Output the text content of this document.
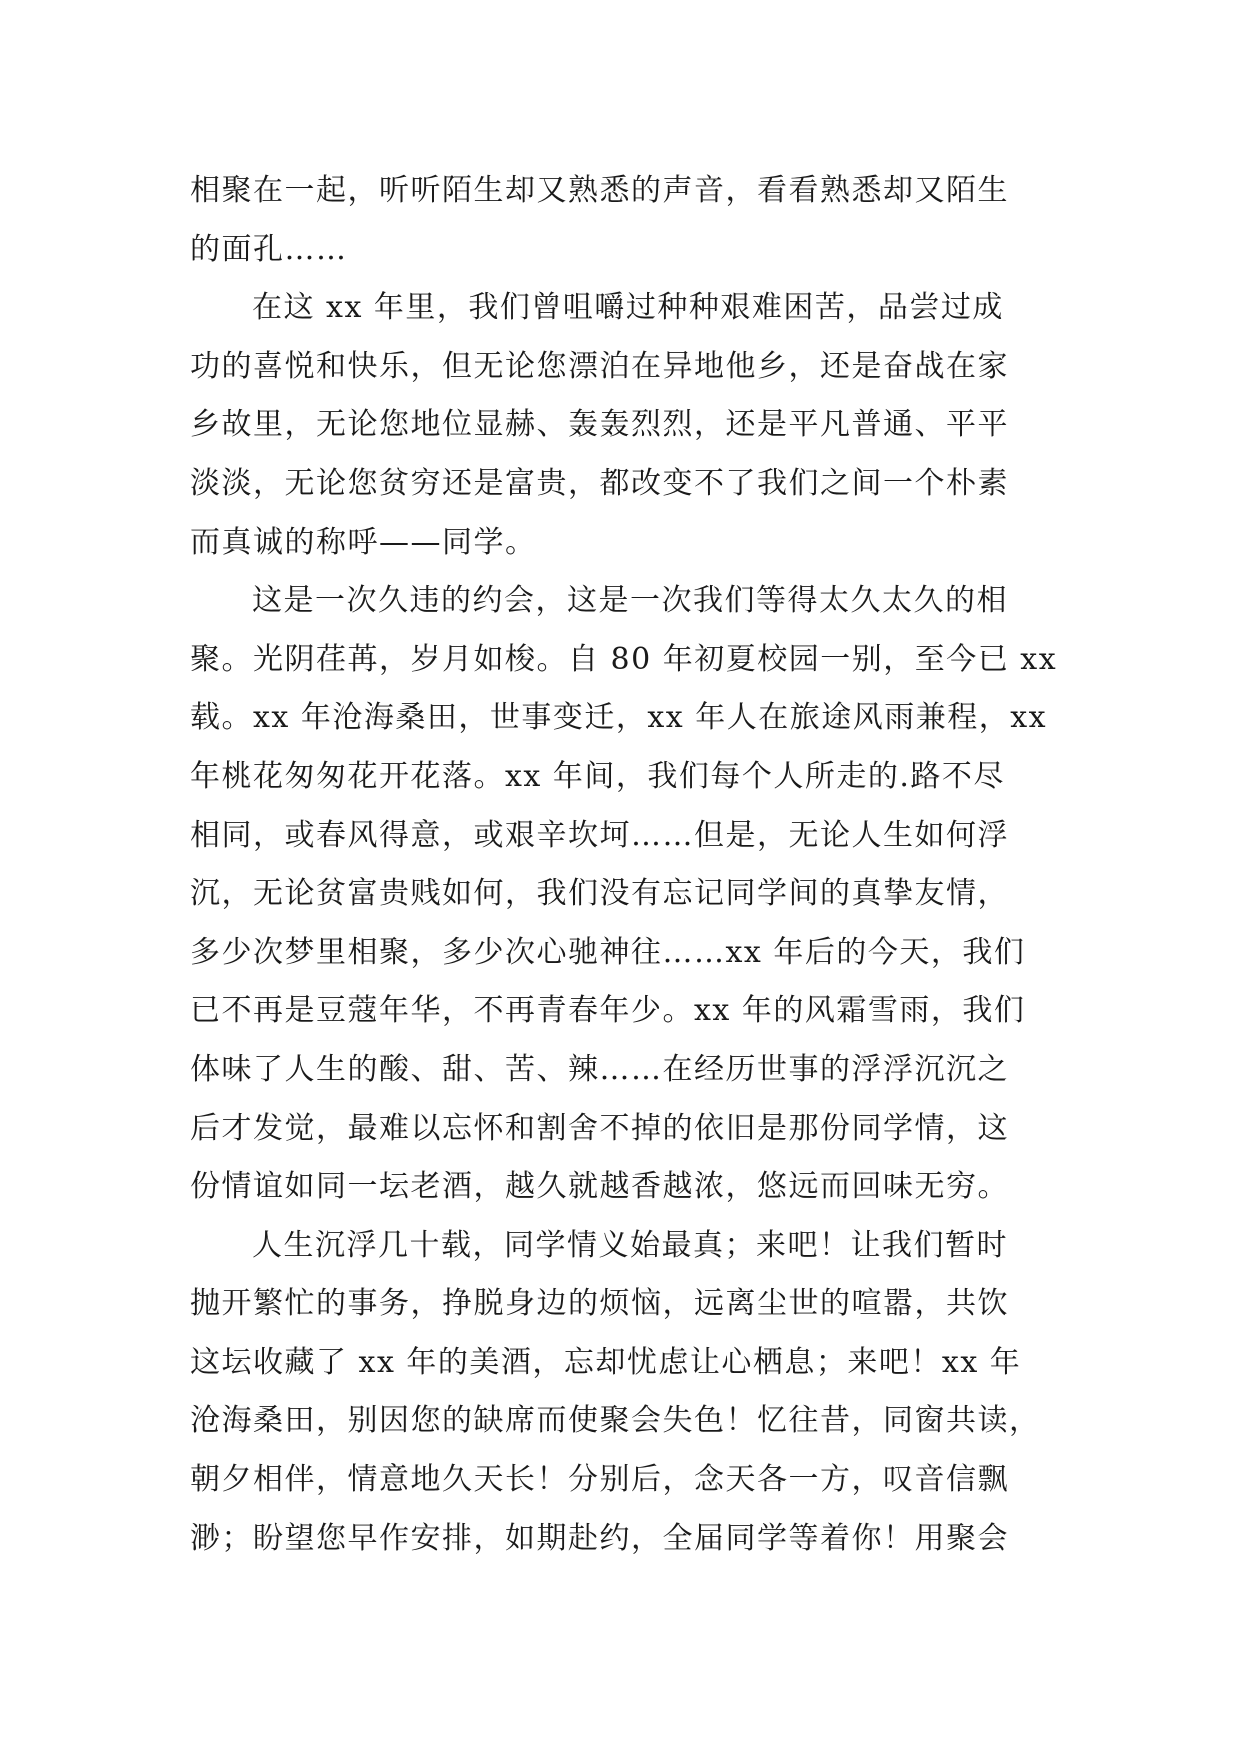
相聚在一起，听听陌生却又熟悉的声音，看看熟悉却又陌生
的面孔……
在这 xx 年里，我们曾咀嚼过种种艰难困苦，品尝过成
功的喜悦和快乐，但无论您漂泊在异地他乡，还是奋战在家
乡故里，无论您地位显赫、轰轰烈烈，还是平凡普通、平平
淡淡，无论您贫穷还是富贵，都改变不了我们之间一个朴素
而真诚的称呼——同学。
这是一次久违的约会，这是一次我们等得太久太久的相
聚。光阴荏苒，岁月如梭。自 80 年初夏校园一别，至今已 xx
载。xx 年沧海桑田，世事变迁，xx 年人在旅途风雨兼程，xx
年桃花匆匆花开花落。xx 年间，我们每个人所走的.路不尽
相同，或春风得意，或艰辛坎坷……但是，无论人生如何浮
沉，无论贫富贵贱如何，我们没有忘记同学间的真挚友情，
多少次梦里相聚，多少次心驰神往……xx 年后的今天，我们
已不再是豆蔻年华，不再青春年少。xx 年的风霜雪雨，我们
体味了人生的酸、甜、苦、辣……在经历世事的浮浮沉沉之
后才发觉，最难以忘怀和割舍不掉的依旧是那份同学情，这
份情谊如同一坛老酒，越久就越香越浓，悠远而回味无穷。
人生沉浮几十载，同学情义始最真；来吧！让我们暂时
抛开繁忙的事务，挣脱身边的烦恼，远离尘世的喧嚣，共饮
这坛收藏了 xx 年的美酒，忘却忧虑让心栖息；来吧！xx 年
沧海桑田，别因您的缺席而使聚会失色！忆往昔，同窗共读，
朝夕相伴，情意地久天长！分别后，念天各一方，叹音信飘
渺；盼望您早作安排，如期赴约，全届同学等着你！用聚会
